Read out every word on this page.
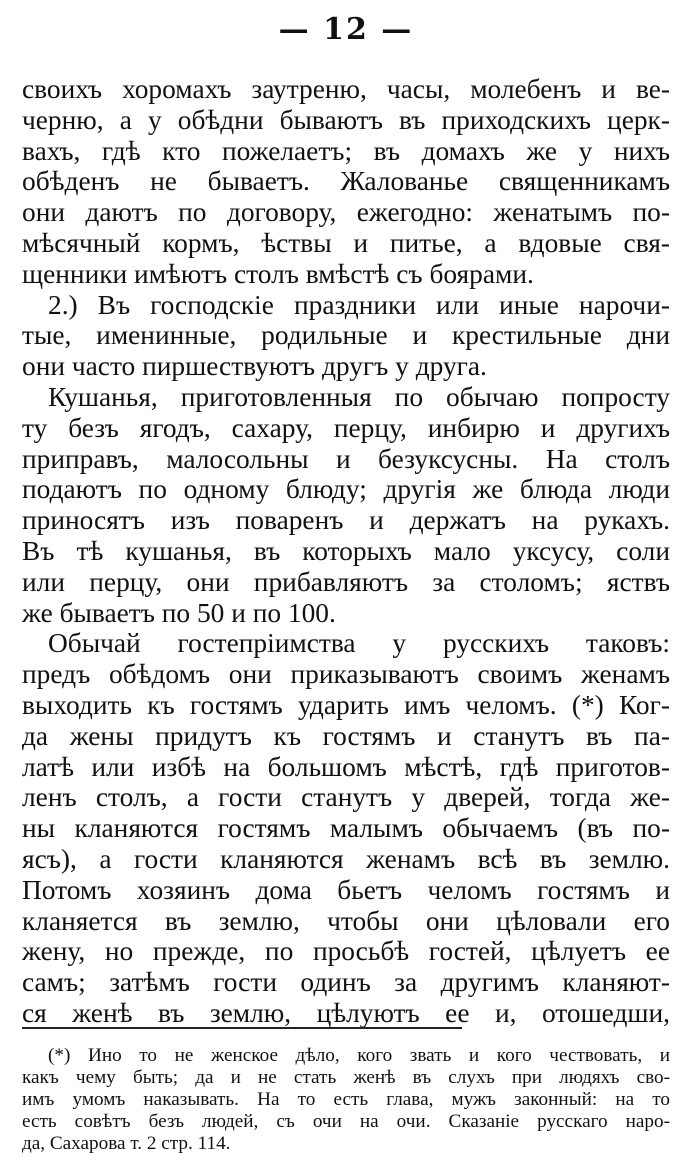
— 12 —
своихъ хоромахъ заутреню, часы, молебенъ и ве-
черню, а у обѣдни бываютъ въ приходскихъ церк-
вахъ, гдѣ кто пожелаетъ; въ домахъ же у нихъ
обѣденъ не бываетъ. Жалованье священникамъ
они даютъ по договору, ежегодно: женатымъ по-
мѣсячный кормъ, ѣствы и питье, а вдовые свя-
щенники имѣютъ столъ вмѣстѣ съ боярами.
2.) Въ господскіе праздники или иные нарочи-
тые, именинные, родильные и крестильные дни
они часто пиршествуютъ другъ у друга.
Кушанья, приготовленныя по обычаю попросту
ту безъ ягодъ, сахару, перцу, инбирю и другихъ
приправъ, малосольны и безуксусны. На столъ
подаютъ по одному блюду; другія же блюда люди
приносятъ изъ поваренъ и держатъ на рукахъ.
Въ тѣ кушанья, въ которыхъ мало уксусу, соли
или перцу, они прибавляютъ за столомъ; яствъ
же бываетъ по 50 и по 100.
Обычай гостепріимства у русскихъ таковъ:
предъ обѣдомъ они приказываютъ своимъ женамъ
выходить къ гостямъ ударить имъ челомъ. (*) Ког-
да жены придутъ къ гостямъ и станутъ въ па-
латѣ или избѣ на большомъ мѣстѣ, гдѣ приготов-
ленъ столъ, а гости станутъ у дверей, тогда же-
ны кланяются гостямъ малымъ обычаемъ (въ по-
ясъ), а гости кланяются женамъ всѣ въ землю.
Потомъ хозяинъ дома бьетъ челомъ гостямъ и
кланяется въ землю, чтобы они цѣловали его
жену, но прежде, по просьбѣ гостей, цѣлуетъ ее
самъ; затѣмъ гости одинъ за другимъ кланяют-
ся женѣ въ землю, цѣлуютъ ее и, отошедши,
(*) Ино то не женское дѣло, кого звать и кого чествовать, и
какъ чему быть; да и не стать женѣ въ слухъ при людяхъ сво-
имъ умомъ наказывать. На то есть глава, мужъ законный: на то
есть совѣтъ безъ людей, съ очи на очи. Сказаніе русскаго наро-
да, Сахарова т. 2 стр. 114.
